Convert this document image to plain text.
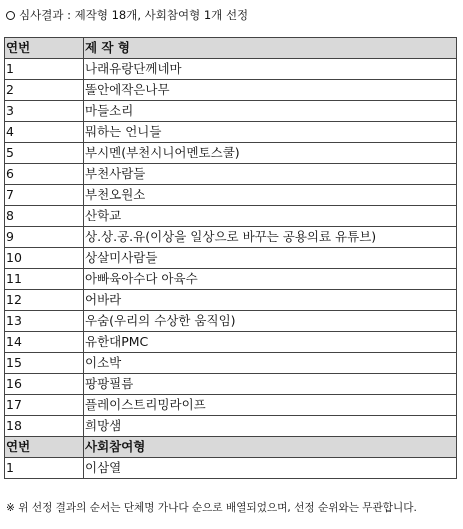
심사결과 : 제작형 18개, 사회참여형 1개 선정
연번	제 작 형
1	나래유랑단께네마
2	똘안에작은나무
3	마들소리
4	뭐하는 언니들
5	부시멘(부천시니어멘토스쿨)
6	부천사람들
7	부천오원소
8	산학교
9	상.상.공.유(이상을 일상으로 바꾸는 공용의료 유튜브)
10	상살미사람들
11	아빠육아수다 아육수
12	어바라
13	우숨(우리의 수상한 움직임)
14	유한대PMC
15	이소박
16	팡팡필름
17	플레이스트리밍라이프
18	희망샘
연번	사회참여형
1	이삼열
※ 위 선정 결과의 순서는 단체명 가나다 순으로 배열되었으며, 선정 순위와는 무관합니다.
